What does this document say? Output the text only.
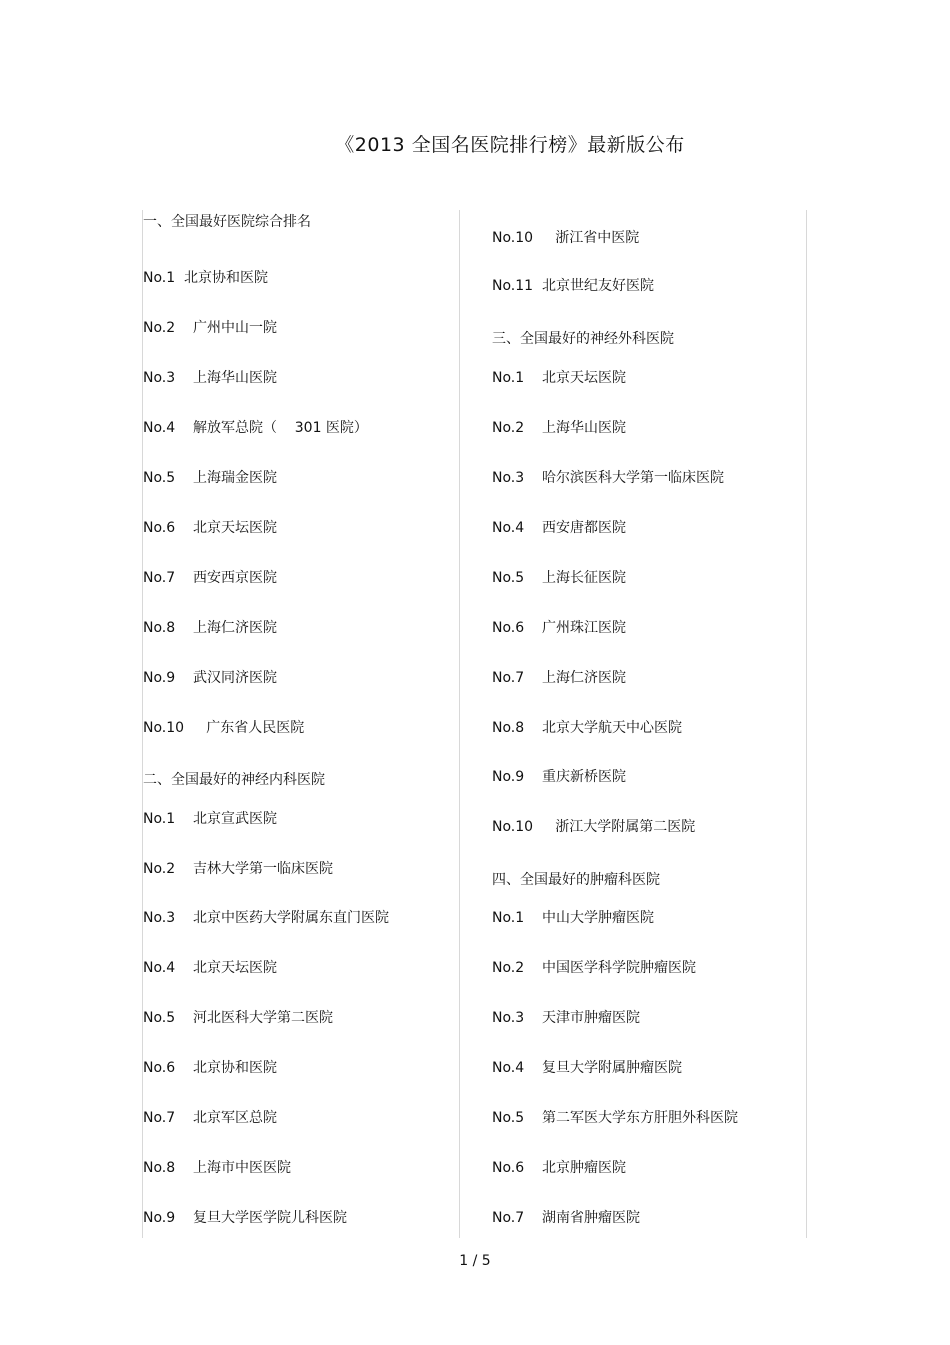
《2013 全国名医院排行榜》最新版公布
一、全国最好医院综合排名
No.1  北京协和医院
No.2    广州中山一院
No.3    上海华山医院
No.4    解放军总院（    301 医院）
No.5    上海瑞金医院
No.6    北京天坛医院
No.7    西安西京医院
No.8    上海仁济医院
No.9    武汉同济医院
No.10     广东省人民医院
二、全国最好的神经内科医院
No.1    北京宣武医院
No.2    吉林大学第一临床医院
No.3    北京中医药大学附属东直门医院
No.4    北京天坛医院
No.5    河北医科大学第二医院
No.6    北京协和医院
No.7    北京军区总院
No.8    上海市中医医院
No.9    复旦大学医学院儿科医院
No.10     浙江省中医院
No.11  北京世纪友好医院
三、全国最好的神经外科医院
No.1    北京天坛医院
No.2    上海华山医院
No.3    哈尔滨医科大学第一临床医院
No.4    西安唐都医院
No.5    上海长征医院
No.6    广州珠江医院
No.7    上海仁济医院
No.8    北京大学航天中心医院
No.9    重庆新桥医院
No.10     浙江大学附属第二医院
四、全国最好的肿瘤科医院
No.1    中山大学肿瘤医院
No.2    中国医学科学院肿瘤医院
No.3    天津市肿瘤医院
No.4    复旦大学附属肿瘤医院
No.5    第二军医大学东方肝胆外科医院
No.6    北京肿瘤医院
No.7    湖南省肿瘤医院
1 / 5
